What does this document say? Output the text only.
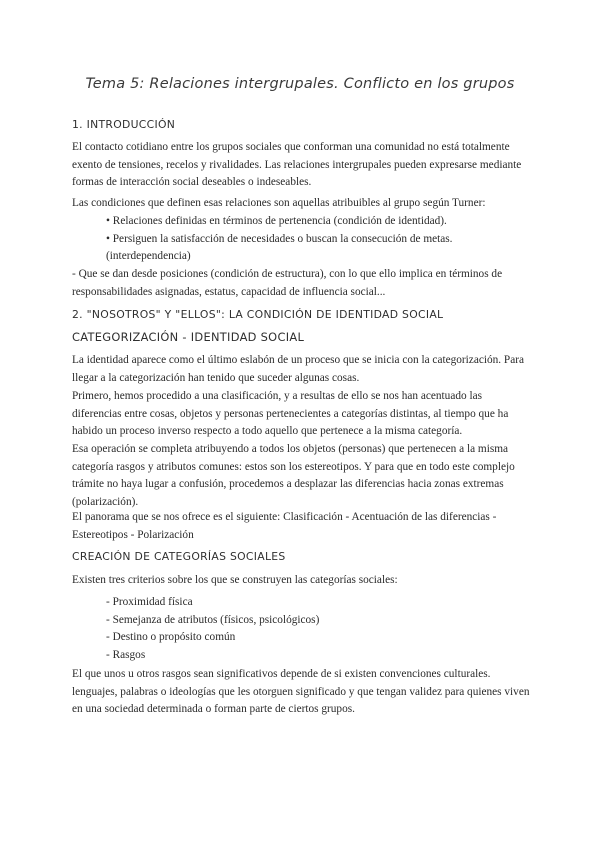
Tema 5: Relaciones intergrupales. Conflicto en los grupos
1. INTRODUCCIÓN
El contacto cotidiano entre los grupos sociales que conforman una comunidad no está totalmente exento de tensiones, recelos y rivalidades. Las relaciones intergrupales pueden expresarse mediante formas de interacción social deseables o indeseables.
Las condiciones que definen esas relaciones son aquellas atribuibles al grupo según Turner:
• Relaciones definidas en términos de pertenencia (condición de identidad).
• Persiguen la satisfacción de necesidades o buscan la consecución de metas.
(interdependencia)
- Que se dan desde posiciones (condición de estructura), con lo que ello implica en términos de responsabilidades asignadas, estatus, capacidad de influencia social...
2. "NOSOTROS" Y "ELLOS": LA CONDICIÓN DE IDENTIDAD SOCIAL
CATEGORIZACIÓN - IDENTIDAD SOCIAL
La identidad aparece como el último eslabón de un proceso que se inicia con la categorización. Para llegar a la categorización han tenido que suceder algunas cosas.
Primero, hemos procedido a una clasificación, y a resultas de ello se nos han acentuado las diferencias entre cosas, objetos y personas pertenecientes a categorías distintas, al tiempo que ha habido un proceso inverso respecto a todo aquello que pertenece a la misma categoría.
Esa operación se completa atribuyendo a todos los objetos (personas) que pertenecen a la misma categoría rasgos y atributos comunes: estos son los estereotipos. Y para que en todo este complejo trámite no haya lugar a confusión, procedemos a desplazar las diferencias hacia zonas extremas (polarización).
El panorama que se nos ofrece es el siguiente: Clasificación - Acentuación de las diferencias - Estereotipos - Polarización
CREACIÓN DE CATEGORÍAS SOCIALES
Existen tres criterios sobre los que se construyen las categorías sociales:
- Proximidad física
- Semejanza de atributos (físicos, psicológicos)
- Destino o propósito común
- Rasgos
El que unos u otros rasgos sean significativos depende de si existen convenciones culturales. lenguajes, palabras o ideologías que les otorguen significado y que tengan validez para quienes viven en una sociedad determinada o forman parte de ciertos grupos.
